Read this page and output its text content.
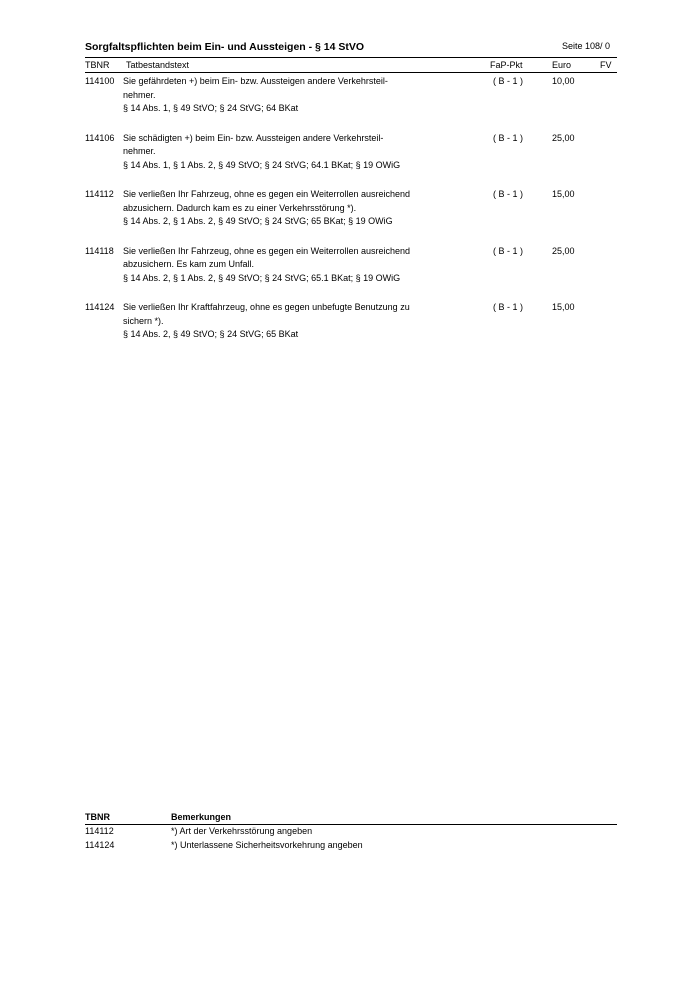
Sorgfaltspflichten beim Ein- und Aussteigen - § 14 StVO	Seite 108/ 0
TBNR Tatbestandstext	FaP-Pkt	Euro	FV
114100 Sie gefährdeten +) beim Ein- bzw. Aussteigen andere Verkehrsteil-
nehmer.
§ 14 Abs. 1, § 49 StVO; § 24 StVG; 64 BKat
( B - 1 )	10,00
114106 Sie schädigten +) beim Ein- bzw. Aussteigen andere Verkehrsteil-
nehmer.
§ 14 Abs. 1, § 1 Abs. 2, § 49 StVO; § 24 StVG; 64.1 BKat; § 19 OWiG
( B - 1 )	25,00
114112 Sie verließen Ihr Fahrzeug, ohne es gegen ein Weiterrollen ausreichend
abzusichern. Dadurch kam es zu einer Verkehrsstörung *).
§ 14 Abs. 2, § 1 Abs. 2, § 49 StVO; § 24 StVG; 65 BKat; § 19 OWiG
( B - 1 )	15,00
114118 Sie verließen Ihr Fahrzeug, ohne es gegen ein Weiterrollen ausreichend
abzusichern. Es kam zum Unfall.
§ 14 Abs. 2, § 1 Abs. 2, § 49 StVO; § 24 StVG; 65.1 BKat; § 19 OWiG
( B - 1 )	25,00
114124 Sie verließen Ihr Kraftfahrzeug, ohne es gegen unbefugte Benutzung zu
sichern *).
§ 14 Abs. 2, § 49 StVO; § 24 StVG; 65 BKat
( B - 1 )	15,00
TBNR	Bemerkungen
114112	*) Art der Verkehrsstörung angeben
114124	*) Unterlassene Sicherheitsvorkehrung angeben
